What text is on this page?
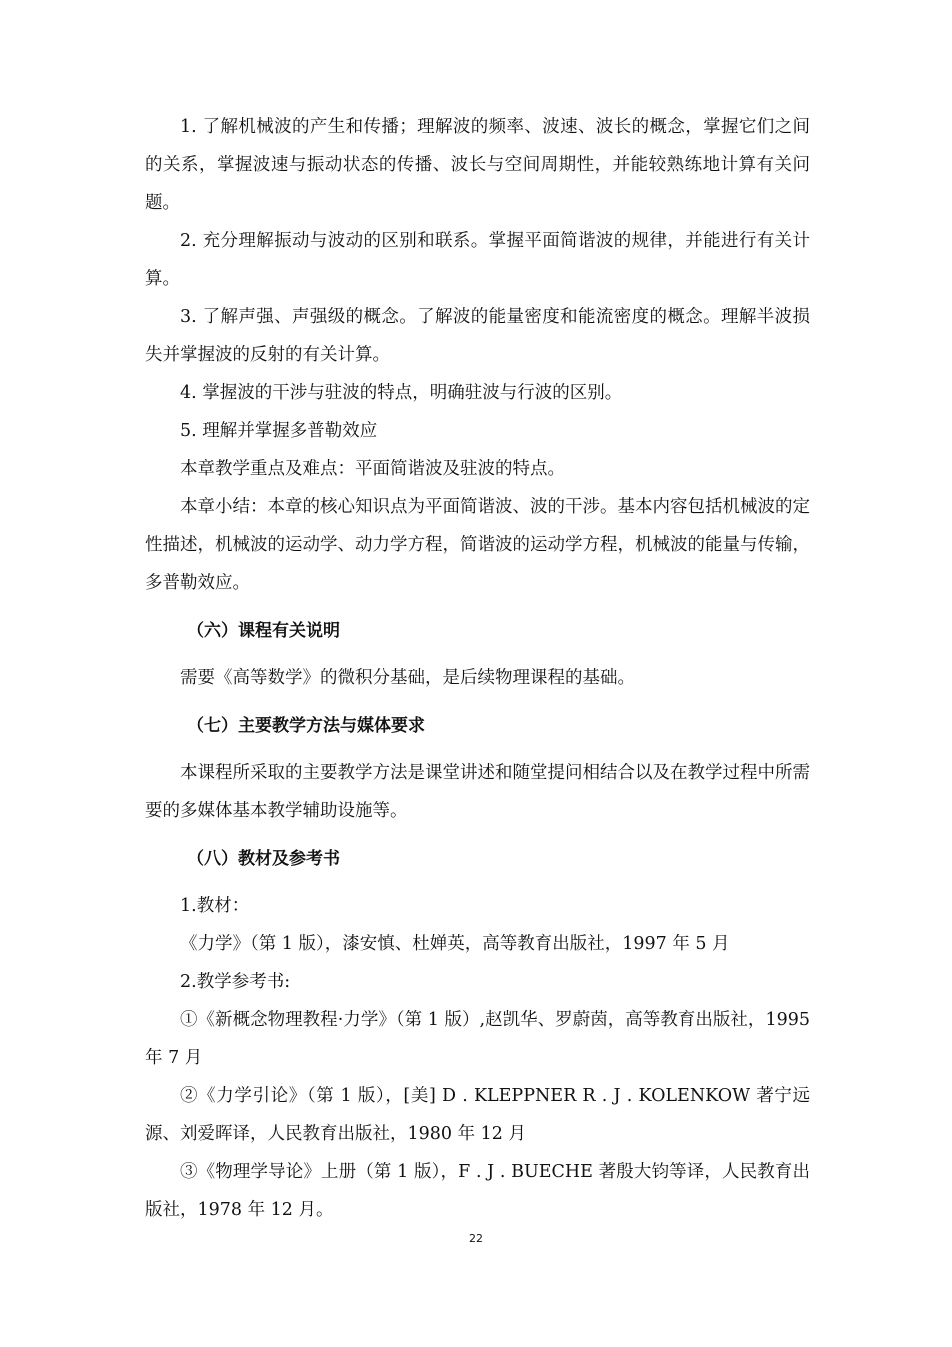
1. 了解机械波的产生和传播；理解波的频率、波速、波长的概念，掌握它们之间的关系，掌握波速与振动状态的传播、波长与空间周期性，并能较熟练地计算有关问题。

2. 充分理解振动与波动的区别和联系。掌握平面简谐波的规律，并能进行有关计算。

3. 了解声强、声强级的概念。了解波的能量密度和能流密度的概念。理解半波损失并掌握波的反射的有关计算。

4. 掌握波的干涉与驻波的特点，明确驻波与行波的区别。

5. 理解并掌握多普勒效应

本章教学重点及难点：平面简谐波及驻波的特点。

本章小结：本章的核心知识点为平面简谐波、波的干涉。基本内容包括机械波的定性描述，机械波的运动学、动力学方程，简谐波的运动学方程，机械波的能量与传输，多普勒效应。

（六）课程有关说明

需要《高等数学》的微积分基础，是后续物理课程的基础。

（七）主要教学方法与媒体要求

本课程所采取的主要教学方法是课堂讲述和随堂提问相结合以及在教学过程中所需要的多媒体基本教学辅助设施等。

（八）教材及参考书

1.教材：

《力学》（第 1 版），漆安慎、杜婵英，高等教育出版社，1997 年 5 月

2.教学参考书:

①《新概念物理教程·力学》（第 1 版）,赵凯华、罗蔚茵，高等教育出版社，1995 年 7 月

②《力学引论》（第 1 版），[美] D . KLEPPNER R . J . KOLENKOW 著宁远源、刘爱晖译，人民教育出版社，1980 年 12 月

③《物理学导论》上册（第 1 版），F . J . BUECHE 著殷大钧等译，人民教育出版社，1978 年 12 月。

22
